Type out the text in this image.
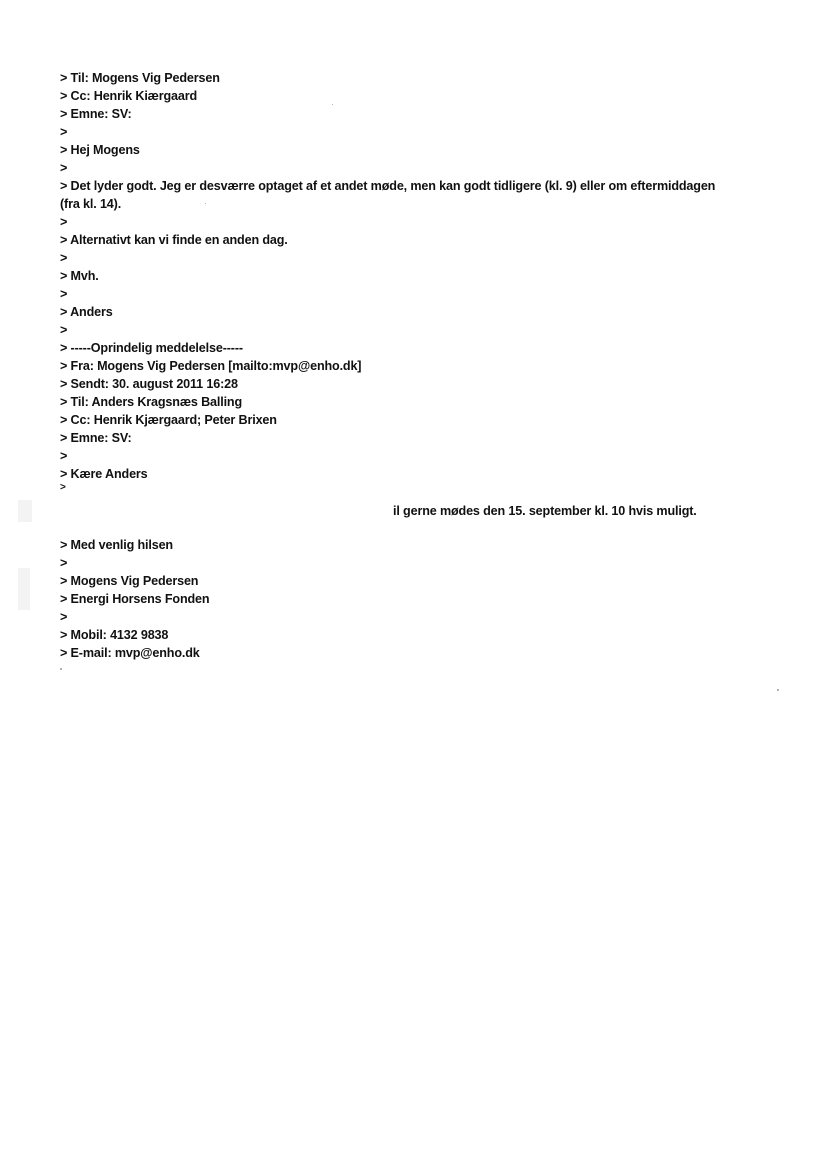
> Til: Mogens Vig Pedersen
> Cc: Henrik Kiærgaard
> Emne: SV:
>
> Hej Mogens
>
> Det lyder godt. Jeg er desværre optaget af et andet møde, men kan godt tidligere (kl. 9) eller om eftermiddagen
(fra kl. 14).
>
> Alternativt kan vi finde en anden dag.
>
> Mvh.
>
> Anders
>
> -----Oprindelig meddelelse-----
> Fra: Mogens Vig Pedersen [mailto:mvp@enho.dk]
> Sendt: 30. august 2011 16:28
> Til: Anders Kragsnæs Balling
> Cc: Henrik Kjærgaard; Peter Brixen
> Emne: SV:
>
> Kære Anders
>
il gerne mødes den 15. september kl. 10 hvis muligt.
> Med venlig hilsen
>
> Mogens Vig Pedersen
> Energi Horsens Fonden
>
> Mobil: 4132 9838
> E-mail: mvp@enho.dk
